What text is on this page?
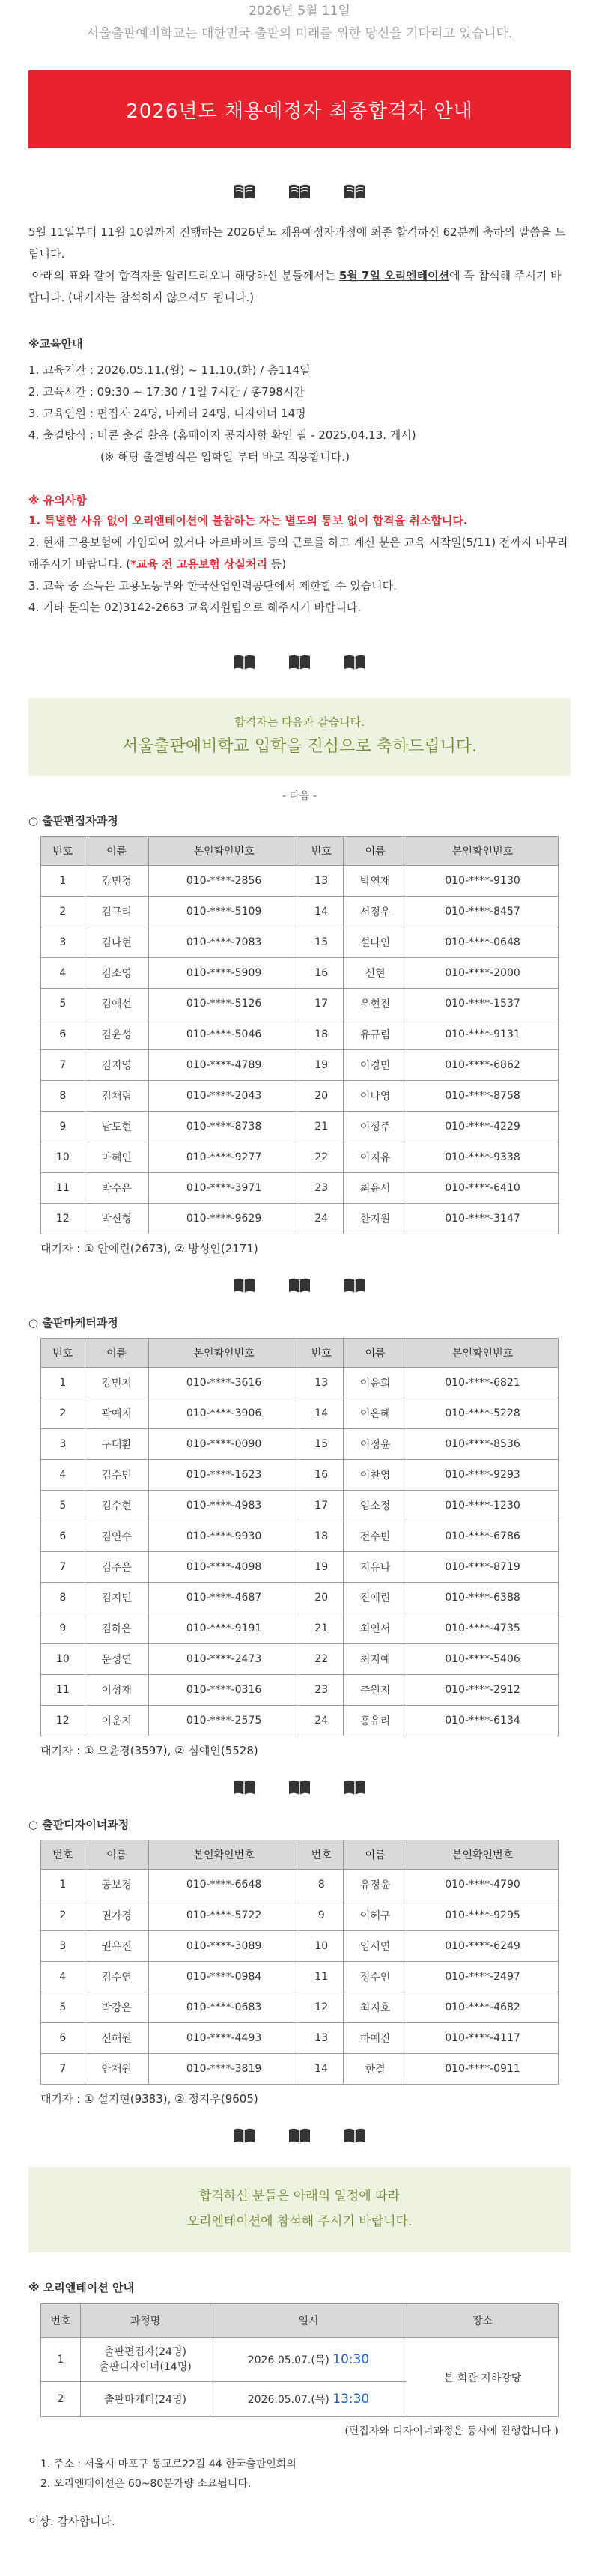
2026년 5월 11일
서울출판예비학교는 대한민국 출판의 미래를 위한 당신을 기다리고 있습니다.
2026년도 채용예정자 최종합격자 안내
5월 11일부터 11월 10일까지 진행하는 2026년도 채용예정자과정에 최종 합격하신 62분께 축하의 말씀을 드립니다.
아래의 표와 같이 합격자를 알려드리오니 해당하신 분들께서는 5월 7일 오리엔테이션에 꼭 참석해 주시기 바랍니다. (대기자는 참석하지 않으셔도 됩니다.)
※교육안내
1. 교육기간 : 2026.05.11.(월) ~ 11.10.(화) / 총114일
2. 교육시간 : 09:30 ~ 17:30 / 1일 7시간 / 총798시간
3. 교육인원 : 편집자 24명, 마케터 24명, 디자이너 14명
4. 출결방식 : 비콘 출결 활용 (홈페이지 공지사항 확인 필 - 2025.04.13. 게시)
(※ 해당 출결방식은 입학일 부터 바로 적용합니다.)
※ 유의사항
1. 특별한 사유 없이 오리엔테이션에 불참하는 자는 별도의 통보 없이 합격을 취소합니다.
2. 현재 고용보험에 가입되어 있거나 아르바이트 등의 근로를 하고 계신 분은 교육 시작일(5/11) 전까지 마무리해주시기 바랍니다. (*교육 전 고용보험 상실처리 등)
3. 교육 중 소득은 고용노동부와 한국산업인력공단에서 제한할 수 있습니다.
4. 기타 문의는 02)3142-2663 교육지원팀으로 해주시기 바랍니다.
합격자는 다음과 같습니다.
서울출판예비학교 입학을 진심으로 축하드립니다.
- 다음 -
○ 출판편집자과정
번호	이름	본인확인번호	번호	이름	본인확인번호
1	강민경	010-****-2856	13	박연재	010-****-9130
2	김규리	010-****-5109	14	서정우	010-****-8457
3	김나현	010-****-7083	15	설다인	010-****-0648
4	김소영	010-****-5909	16	신현	010-****-2000
5	김예선	010-****-5126	17	우현진	010-****-1537
6	김윤성	010-****-5046	18	유규림	010-****-9131
7	김지영	010-****-4789	19	이경민	010-****-6862
8	김채림	010-****-2043	20	이나영	010-****-8758
9	남도현	010-****-8738	21	이성주	010-****-4229
10	마혜인	010-****-9277	22	이지유	010-****-9338
11	박수은	010-****-3971	23	최윤서	010-****-6410
12	박신형	010-****-9629	24	한지원	010-****-3147
대기자 : ① 안예린(2673), ② 방성인(2171)
○ 출판마케터과정
번호	이름	본인확인번호	번호	이름	본인확인번호
1	강민지	010-****-3616	13	이윤희	010-****-6821
2	곽예지	010-****-3906	14	이은혜	010-****-5228
3	구태환	010-****-0090	15	이정윤	010-****-8536
4	김수민	010-****-1623	16	이찬영	010-****-9293
5	김수현	010-****-4983	17	임소정	010-****-1230
6	김연수	010-****-9930	18	전수빈	010-****-6786
7	김주은	010-****-4098	19	지유나	010-****-8719
8	김지민	010-****-4687	20	진예린	010-****-6388
9	김하은	010-****-9191	21	최연서	010-****-4735
10	문성연	010-****-2473	22	최지예	010-****-5406
11	이성재	010-****-0316	23	추원지	010-****-2912
12	이운지	010-****-2575	24	홍유리	010-****-6134
대기자 : ① 오윤경(3597), ② 심예인(5528)
○ 출판디자이너과정
번호	이름	본인확인번호	번호	이름	본인확인번호
1	공보경	010-****-6648	8	유정윤	010-****-4790
2	권가경	010-****-5722	9	이혜구	010-****-9295
3	권유진	010-****-3089	10	임서연	010-****-6249
4	김수연	010-****-0984	11	정수인	010-****-2497
5	박강은	010-****-0683	12	최지호	010-****-4682
6	신해원	010-****-4493	13	하예진	010-****-4117
7	안재원	010-****-3819	14	한결	010-****-0911
대기자 : ① 설지현(9383), ② 정지우(9605)
합격하신 분들은 아래의 일정에 따라
오리엔테이션에 참석해 주시기 바랍니다.
※ 오리엔테이션 안내
번호	과정명	일시	장소
1	출판편집자(24명)
출판디자이너(14명)	2026.05.07.(목) 10:30	본 회관 지하강당
2	출판마케터(24명)	2026.05.07.(목) 13:30	
(편집자와 디자이너과정은 동시에 진행합니다.)
1. 주소 : 서울시 마포구 동교로22길 44 한국출판인회의
2. 오리엔테이션은 60~80분가량 소요됩니다.
이상. 감사합니다.
